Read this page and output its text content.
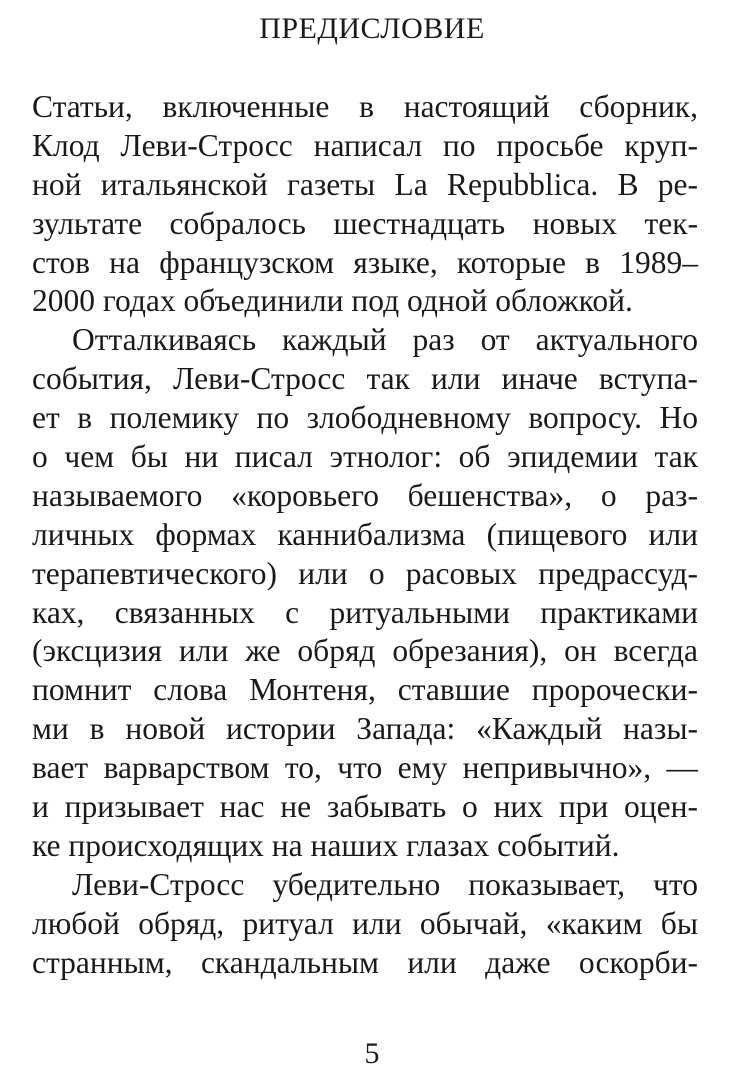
ПРЕДИСЛОВИЕ
Статьи, включенные в настоящий сборник,
Клод Леви-Стросс написал по просьбе круп-
ной итальянской газеты La Repubblica. В ре-
зультате собралось шестнадцать новых тек-
стов на французском языке, которые в 1989–
2000 годах объединили под одной обложкой.
Отталкиваясь каждый раз от актуального
события, Леви-Стросс так или иначе вступа-
ет в полемику по злободневному вопросу. Но
о чем бы ни писал этнолог: об эпидемии так
называемого «коровьего бешенства», о раз-
личных формах каннибализма (пищевого или
терапевтического) или о расовых предрассуд-
ках, связанных с ритуальными практиками
(эксцизия или же обряд обрезания), он всегда
помнит слова Монтеня, ставшие пророчески-
ми в новой истории Запада: «Каждый назы-
вает варварством то, что ему непривычно», —
и призывает нас не забывать о них при оцен-
ке происходящих на наших глазах событий.
Леви-Стросс убедительно показывает, что
любой обряд, ритуал или обычай, «каким бы
странным, скандальным или даже оскорби-
5
